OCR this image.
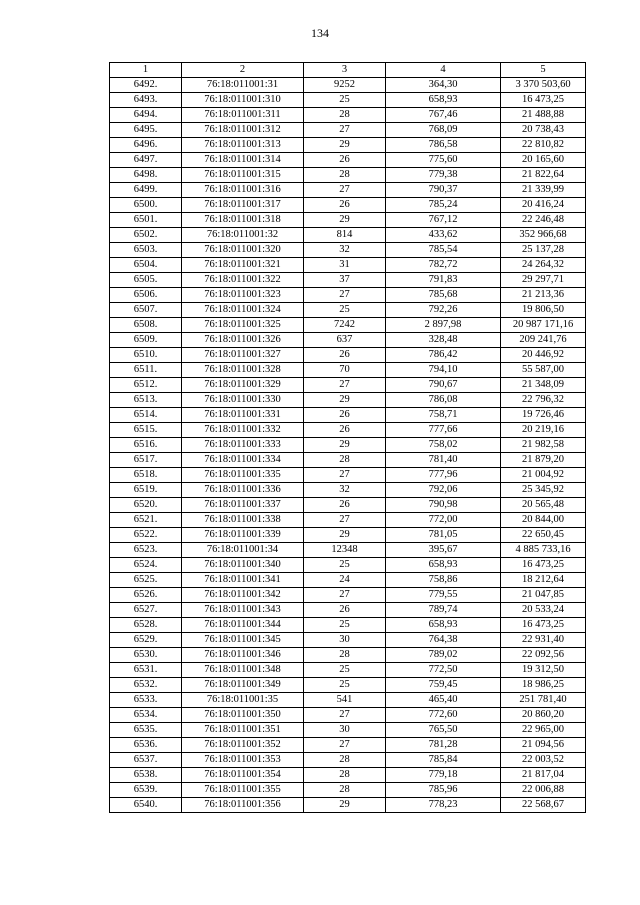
134
1	2	3	4	5
6492.	76:18:011001:31	9252	364,30	3 370 503,60
6493.	76:18:011001:310	25	658,93	16 473,25
6494.	76:18:011001:311	28	767,46	21 488,88
6495.	76:18:011001:312	27	768,09	20 738,43
6496.	76:18:011001:313	29	786,58	22 810,82
6497.	76:18:011001:314	26	775,60	20 165,60
6498.	76:18:011001:315	28	779,38	21 822,64
6499.	76:18:011001:316	27	790,37	21 339,99
6500.	76:18:011001:317	26	785,24	20 416,24
6501.	76:18:011001:318	29	767,12	22 246,48
6502.	76:18:011001:32	814	433,62	352 966,68
6503.	76:18:011001:320	32	785,54	25 137,28
6504.	76:18:011001:321	31	782,72	24 264,32
6505.	76:18:011001:322	37	791,83	29 297,71
6506.	76:18:011001:323	27	785,68	21 213,36
6507.	76:18:011001:324	25	792,26	19 806,50
6508.	76:18:011001:325	7242	2 897,98	20 987 171,16
6509.	76:18:011001:326	637	328,48	209 241,76
6510.	76:18:011001:327	26	786,42	20 446,92
6511.	76:18:011001:328	70	794,10	55 587,00
6512.	76:18:011001:329	27	790,67	21 348,09
6513.	76:18:011001:330	29	786,08	22 796,32
6514.	76:18:011001:331	26	758,71	19 726,46
6515.	76:18:011001:332	26	777,66	20 219,16
6516.	76:18:011001:333	29	758,02	21 982,58
6517.	76:18:011001:334	28	781,40	21 879,20
6518.	76:18:011001:335	27	777,96	21 004,92
6519.	76:18:011001:336	32	792,06	25 345,92
6520.	76:18:011001:337	26	790,98	20 565,48
6521.	76:18:011001:338	27	772,00	20 844,00
6522.	76:18:011001:339	29	781,05	22 650,45
6523.	76:18:011001:34	12348	395,67	4 885 733,16
6524.	76:18:011001:340	25	658,93	16 473,25
6525.	76:18:011001:341	24	758,86	18 212,64
6526.	76:18:011001:342	27	779,55	21 047,85
6527.	76:18:011001:343	26	789,74	20 533,24
6528.	76:18:011001:344	25	658,93	16 473,25
6529.	76:18:011001:345	30	764,38	22 931,40
6530.	76:18:011001:346	28	789,02	22 092,56
6531.	76:18:011001:348	25	772,50	19 312,50
6532.	76:18:011001:349	25	759,45	18 986,25
6533.	76:18:011001:35	541	465,40	251 781,40
6534.	76:18:011001:350	27	772,60	20 860,20
6535.	76:18:011001:351	30	765,50	22 965,00
6536.	76:18:011001:352	27	781,28	21 094,56
6537.	76:18:011001:353	28	785,84	22 003,52
6538.	76:18:011001:354	28	779,18	21 817,04
6539.	76:18:011001:355	28	785,96	22 006,88
6540.	76:18:011001:356	29	778,23	22 568,67
